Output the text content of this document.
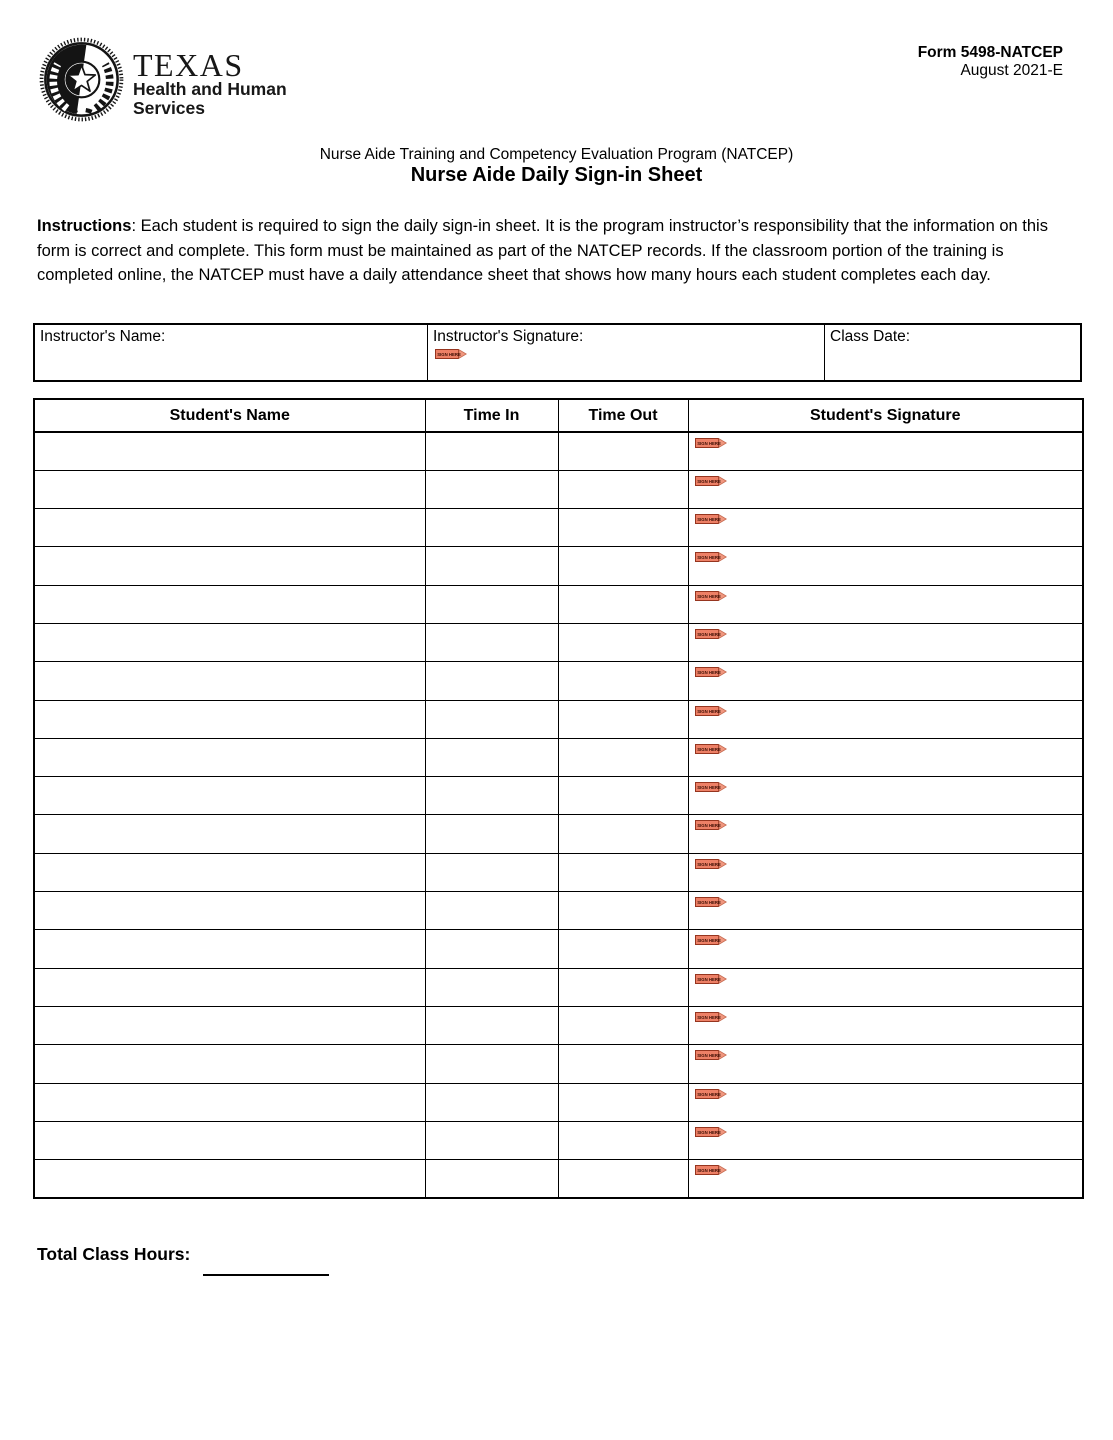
TEXAS
Health and Human
Services
Form 5498-NATCEP
August 2021-E
Nurse Aide Training and Competency Evaluation Program (NATCEP)
Nurse Aide Daily Sign-in Sheet

Instructions: Each student is required to sign the daily sign-in sheet. It is the program instructor’s responsibility that the information on this form is correct and complete. This form must be maintained as part of the NATCEP records. If the classroom portion of the training is completed online, the NATCEP must have a daily attendance sheet that shows how many hours each student completes each day.

Instructor's Name:	Instructor's Signature:
SIGN HERE
Class Date:
Student's Name	Time In	Time Out	Student's Signature

SIGN HERE

SIGN HERE

SIGN HERE

SIGN HERE

SIGN HERE

SIGN HERE

SIGN HERE

SIGN HERE

SIGN HERE

SIGN HERE

SIGN HERE

SIGN HERE

SIGN HERE

SIGN HERE

SIGN HERE

SIGN HERE

SIGN HERE

SIGN HERE

SIGN HERE

SIGN HERE
Total Class Hours:
